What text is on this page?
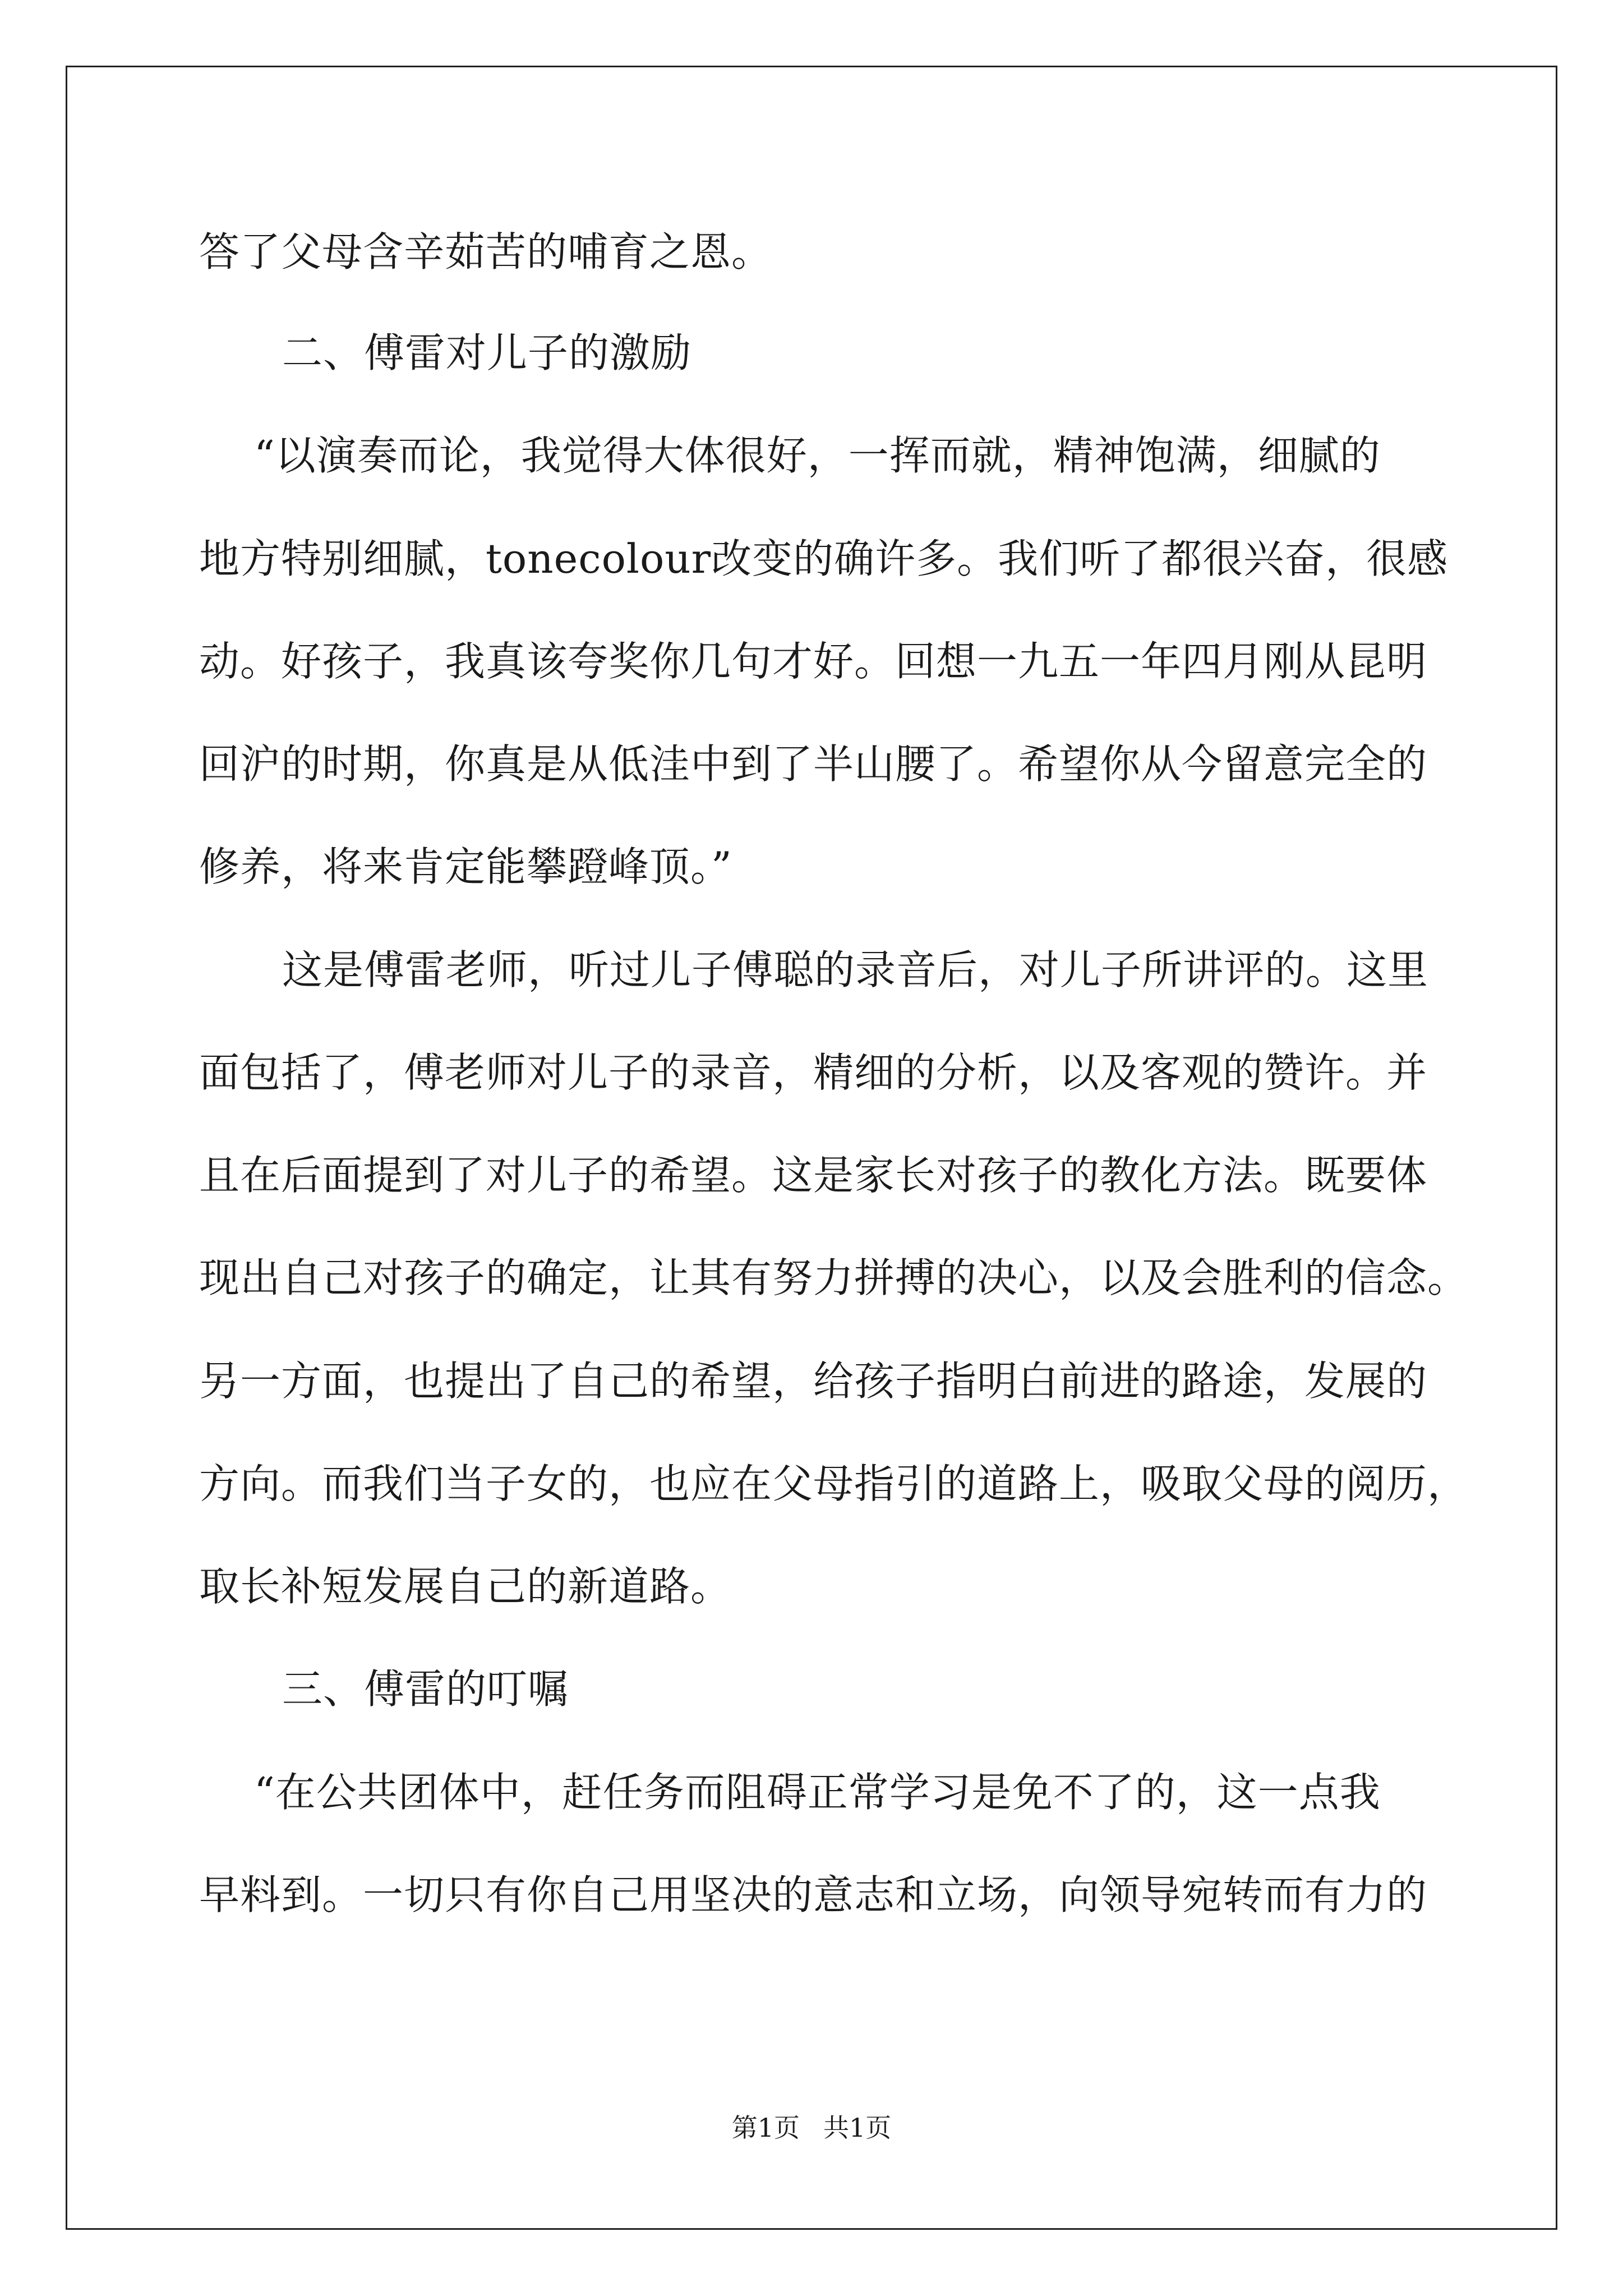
答了父母含辛茹苦的哺育之恩。
二、傅雷对儿子的激励
“以演奏而论，我觉得大体很好，一挥而就，精神饱满，细腻的
地方特别细腻，tonecolour改变的确许多。我们听了都很兴奋，很感
动。好孩子，我真该夸奖你几句才好。回想一九五一年四月刚从昆明
回沪的时期，你真是从低洼中到了半山腰了。希望你从今留意完全的
修养，将来肯定能攀蹬峰顶。”
这是傅雷老师，听过儿子傅聪的录音后，对儿子所讲评的。这里
面包括了，傅老师对儿子的录音，精细的分析，以及客观的赞许。并
且在后面提到了对儿子的希望。这是家长对孩子的教化方法。既要体
现出自己对孩子的确定，让其有努力拼搏的决心，以及会胜利的信念。
另一方面，也提出了自己的希望，给孩子指明白前进的路途，发展的
方向。而我们当子女的，也应在父母指引的道路上，吸取父母的阅历，
取长补短发展自己的新道路。
三、傅雷的叮嘱
“在公共团体中，赶任务而阻碍正常学习是免不了的，这一点我
早料到。一切只有你自己用坚决的意志和立场，向领导宛转而有力的
第1页 共1页
